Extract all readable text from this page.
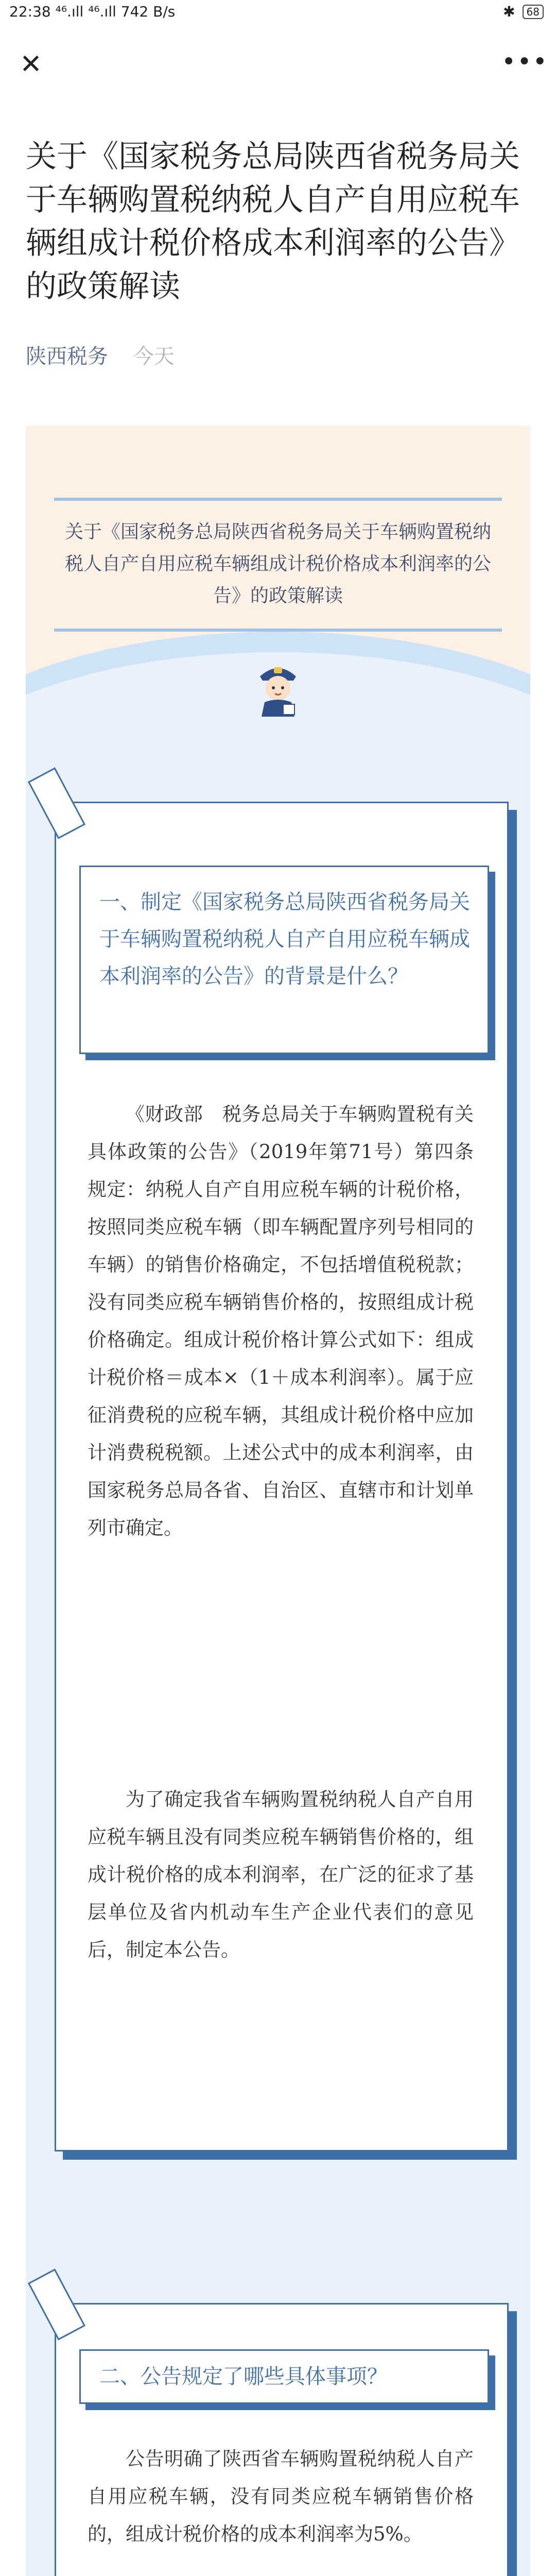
22:38 ⁴⁶.ıll ⁴⁶.ıll 742 B/s	✱	68
✕	•••
关于《国家税务总局陕西省税务局关于车辆购置税纳税人自产自用应税车辆组成计税价格成本利润率的公告》的政策解读
陕西税务 今天
关于《国家税务总局陕西省税务局关于车辆购置税纳税人自产自用应税车辆组成计税价格成本利润率的公告》的政策解读
一、制定《国家税务总局陕西省税务局关于车辆购置税纳税人自产自用应税车辆成本利润率的公告》的背景是什么？
《财政部　税务总局关于车辆购置税有关具体政策的公告》（2019年第71号）第四条规定：纳税人自产自用应税车辆的计税价格，按照同类应税车辆（即车辆配置序列号相同的车辆）的销售价格确定，不包括增值税税款；没有同类应税车辆销售价格的，按照组成计税价格确定。组成计税价格计算公式如下：组成计税价格＝成本×（1＋成本利润率）。属于应征消费税的应税车辆，其组成计税价格中应加计消费税税额。上述公式中的成本利润率，由国家税务总局各省、自治区、直辖市和计划单列市确定。
为了确定我省车辆购置税纳税人自产自用应税车辆且没有同类应税车辆销售价格的，组成计税价格的成本利润率，在广泛的征求了基层单位及省内机动车生产企业代表们的意见后，制定本公告。
二、公告规定了哪些具体事项？
公告明确了陕西省车辆购置税纳税人自产自用应税车辆，没有同类应税车辆销售价格的，组成计税价格的成本利润率为5%。
